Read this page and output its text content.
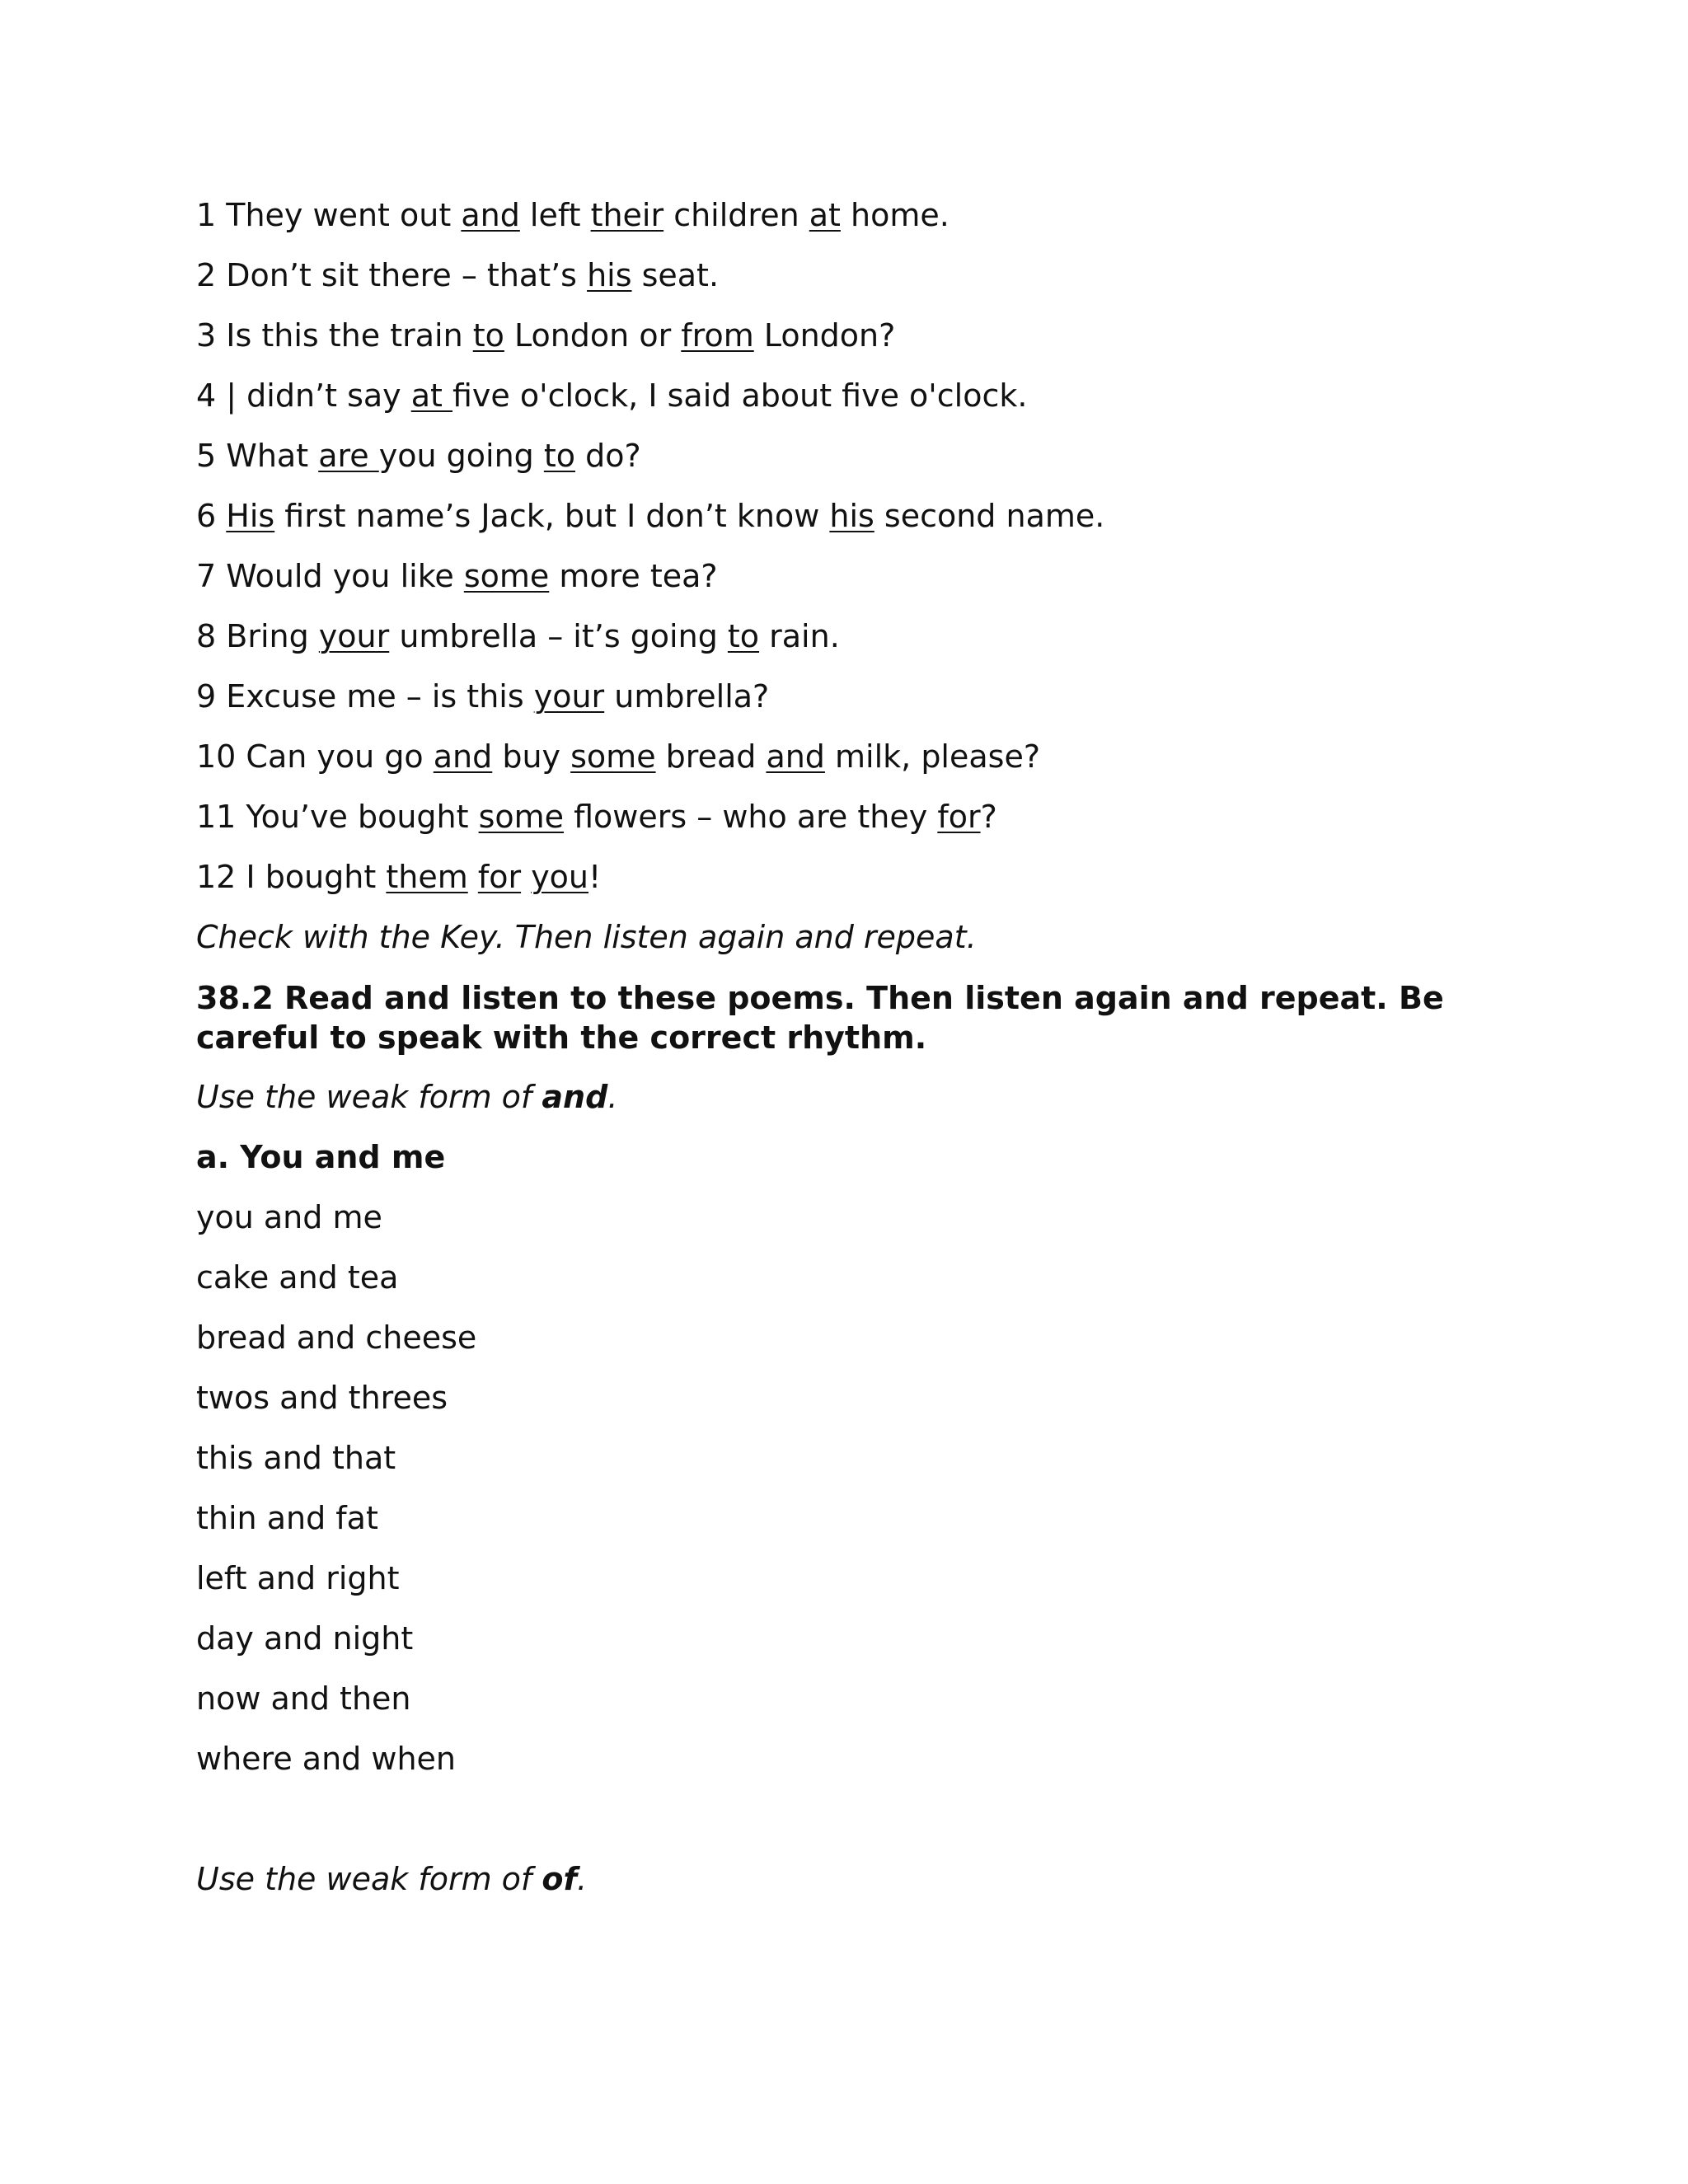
1 They went out and left their children at home.
2 Don’t sit there – that’s his seat.
3 Is this the train to London or from London?
4 | didn’t say at five o'clock, I said about five o'clock.
5 What are you going to do?
6 His first name’s Jack, but I don’t know his second name.
7 Would you like some more tea?
8 Bring your umbrella – it’s going to rain.
9 Excuse me – is this your umbrella?
10 Can you go and buy some bread and milk, please?
11 You’ve bought some flowers – who are they for?
12 I bought them for you!
Check with the Key. Then listen again and repeat.
38.2 Read and listen to these poems. Then listen again and repeat. Be careful to speak with the correct rhythm.
Use the weak form of and.
a. You and me
you and me
cake and tea
bread and cheese
twos and threes
this and that
thin and fat
left and right
day and night
now and then
where and when
Use the weak form of of.
